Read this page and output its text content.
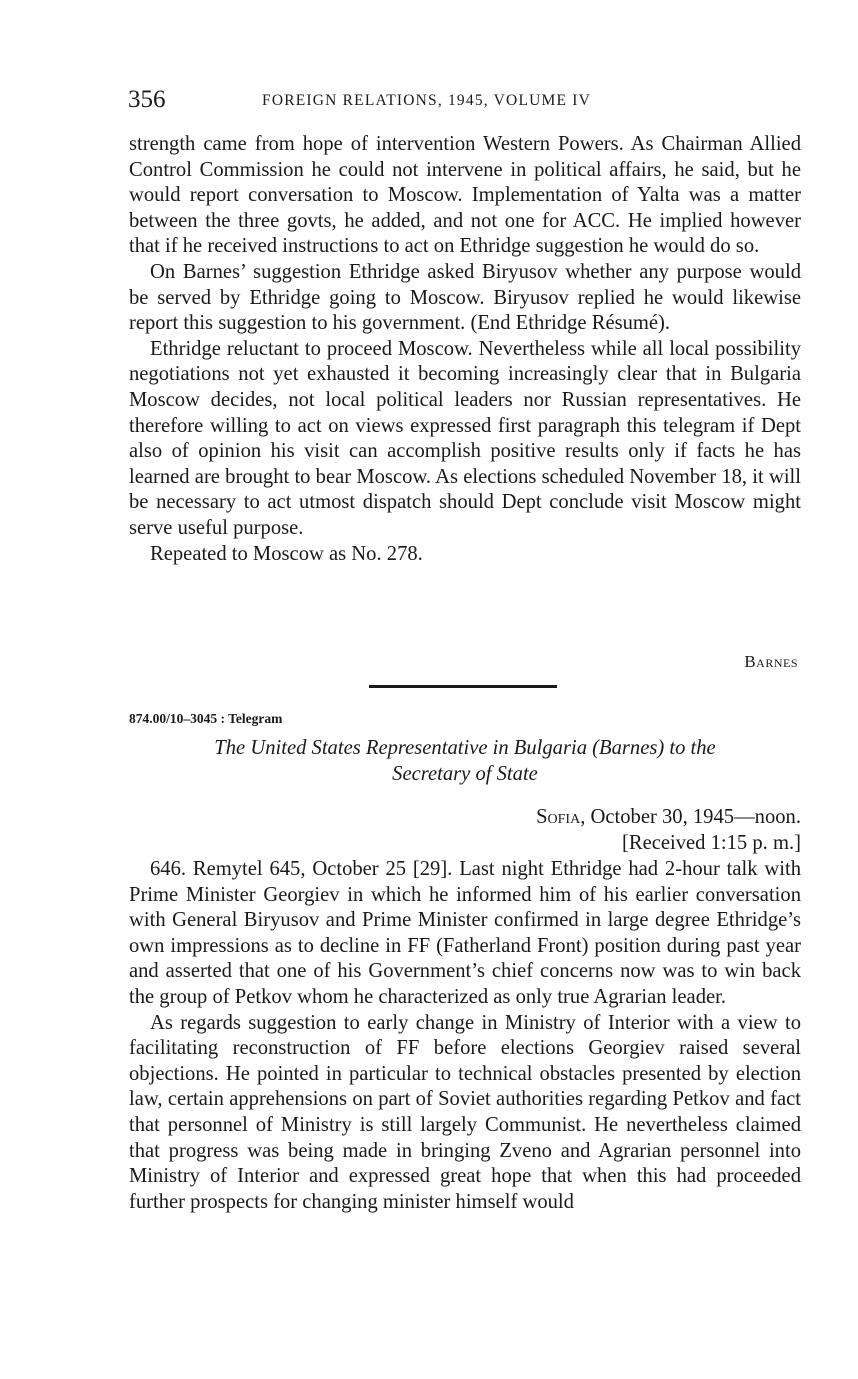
356	FOREIGN RELATIONS, 1945, VOLUME IV

strength came from hope of intervention Western Powers. As Chairman Allied Control Commission he could not intervene in political affairs, he said, but he would report conversation to Moscow. Implementation of Yalta was a matter between the three govts, he added, and not one for ACC. He implied however that if he received instructions to act on Ethridge suggestion he would do so.

On Barnes’ suggestion Ethridge asked Biryusov whether any purpose would be served by Ethridge going to Moscow. Biryusov replied he would likewise report this suggestion to his government. (End Ethridge Résumé).

Ethridge reluctant to proceed Moscow. Nevertheless while all local possibility negotiations not yet exhausted it becoming increasingly clear that in Bulgaria Moscow decides, not local political leaders nor Russian representatives. He therefore willing to act on views expressed first paragraph this telegram if Dept also of opinion his visit can accomplish positive results only if facts he has learned are brought to bear Moscow. As elections scheduled November 18, it will be necessary to act utmost dispatch should Dept conclude visit Moscow might serve useful purpose.

Repeated to Moscow as No. 278.

Barnes
874.00/10–3045 : Telegram
The United States Representative in Bulgaria (Barnes) to the
Secretary of State
Sofia, October 30, 1945—noon.
[Received 1:15 p. m.]

646. Remytel 645, October 25 [29]. Last night Ethridge had 2-hour talk with Prime Minister Georgiev in which he informed him of his earlier conversation with General Biryusov and Prime Minister confirmed in large degree Ethridge’s own impressions as to decline in FF (Fatherland Front) position during past year and asserted that one of his Government’s chief concerns now was to win back the group of Petkov whom he characterized as only true Agrarian leader.

As regards suggestion to early change in Ministry of Interior with a view to facilitating reconstruction of FF before elections Georgiev raised several objections. He pointed in particular to technical obstacles presented by election law, certain apprehensions on part of Soviet authorities regarding Petkov and fact that personnel of Ministry is still largely Communist. He nevertheless claimed that progress was being made in bringing Zveno and Agrarian personnel into Ministry of Interior and expressed great hope that when this had proceeded further prospects for changing minister himself would
